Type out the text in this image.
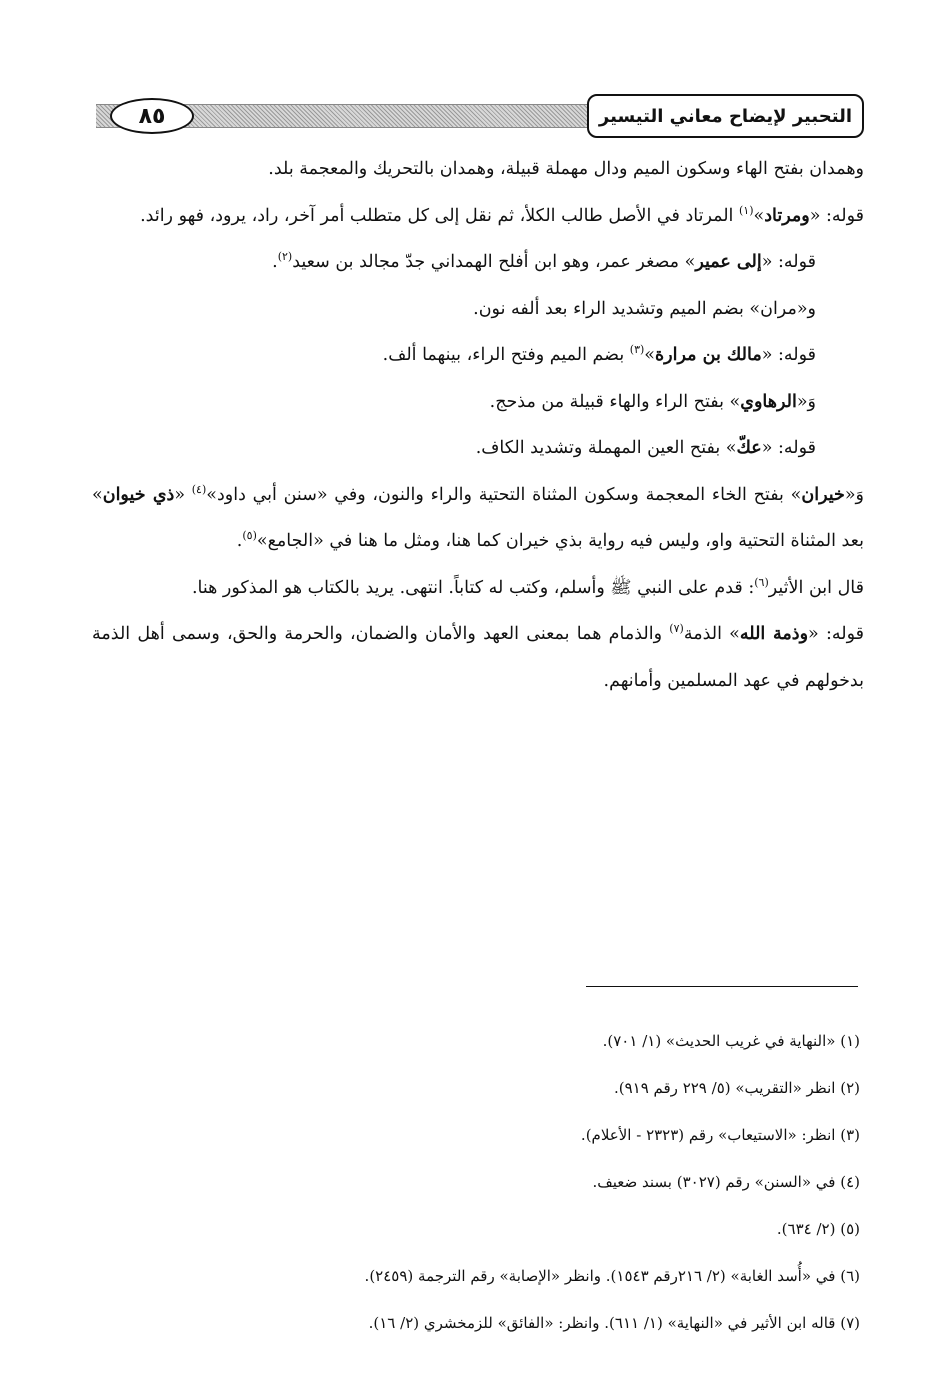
٨٥	التحبير لإيضاح معاني التيسير

وهمدان بفتح الهاء وسكون الميم ودال مهملة قبيلة، وهمدان بالتحريك والمعجمة بلد.

قوله: «ومرتاد»$^{(١)}$ المرتاد في الأصل طالب الكلأ، ثم نقل إلى كل متطلب أمر آخر، راد، يرود، فهو رائد.

قوله: «إلى عمير» مصغر عمر، وهو ابن أفلح الهمداني جدّ مجالد بن سعيد$^{(٢)}$.

و«مران» بضم الميم وتشديد الراء بعد ألفه نون.

قوله: «مالك بن مرارة»$^{(٣)}$ بضم الميم وفتح الراء، بينهما ألف.

وَ«الرهاوي» بفتح الراء والهاء قبيلة من مذحج.

قوله: «عكّ» بفتح العين المهملة وتشديد الكاف.

وَ«خيران» بفتح الخاء المعجمة وسكون المثناة التحتية والراء والنون، وفي «سنن أبي داود»$^{(٤)}$ «ذي خيوان» بعد المثناة التحتية واو، وليس فيه رواية بذي خيران كما هنا، ومثل ما هنا في «الجامع»$^{(٥)}$.

قال ابن الأثير$^{(٦)}$: قدم على النبي ﷺ وأسلم، وكتب له كتاباً. انتهى. يريد بالكتاب هو المذكور هنا.

قوله: «وذمة الله» الذمة$^{(٧)}$ والذمام هما بمعنى العهد والأمان والضمان، والحرمة والحق، وسمى أهل الذمة بدخولهم في عهد المسلمين وأمانهم.

(١) «النهاية في غريب الحديث» (١/ ٧٠١).

(٢) انظر «التقريب» (٥/ ٢٢٩ رقم ٩١٩).

(٣) انظر: «الاستيعاب» رقم (٢٣٢٣ - الأعلام).

(٤) في «السنن» رقم (٣٠٢٧) بسند ضعيف.

(٥) (٢/ ٦٣٤).

(٦) في «أُسد الغابة» (٢/ ٢١٦رقم ١٥٤٣). وانظر «الإصابة» رقم الترجمة (٢٤٥٩).

(٧) قاله ابن الأثير في «النهاية» (١/ ٦١١). وانظر: «الفائق» للزمخشري (٢/ ١٦).
